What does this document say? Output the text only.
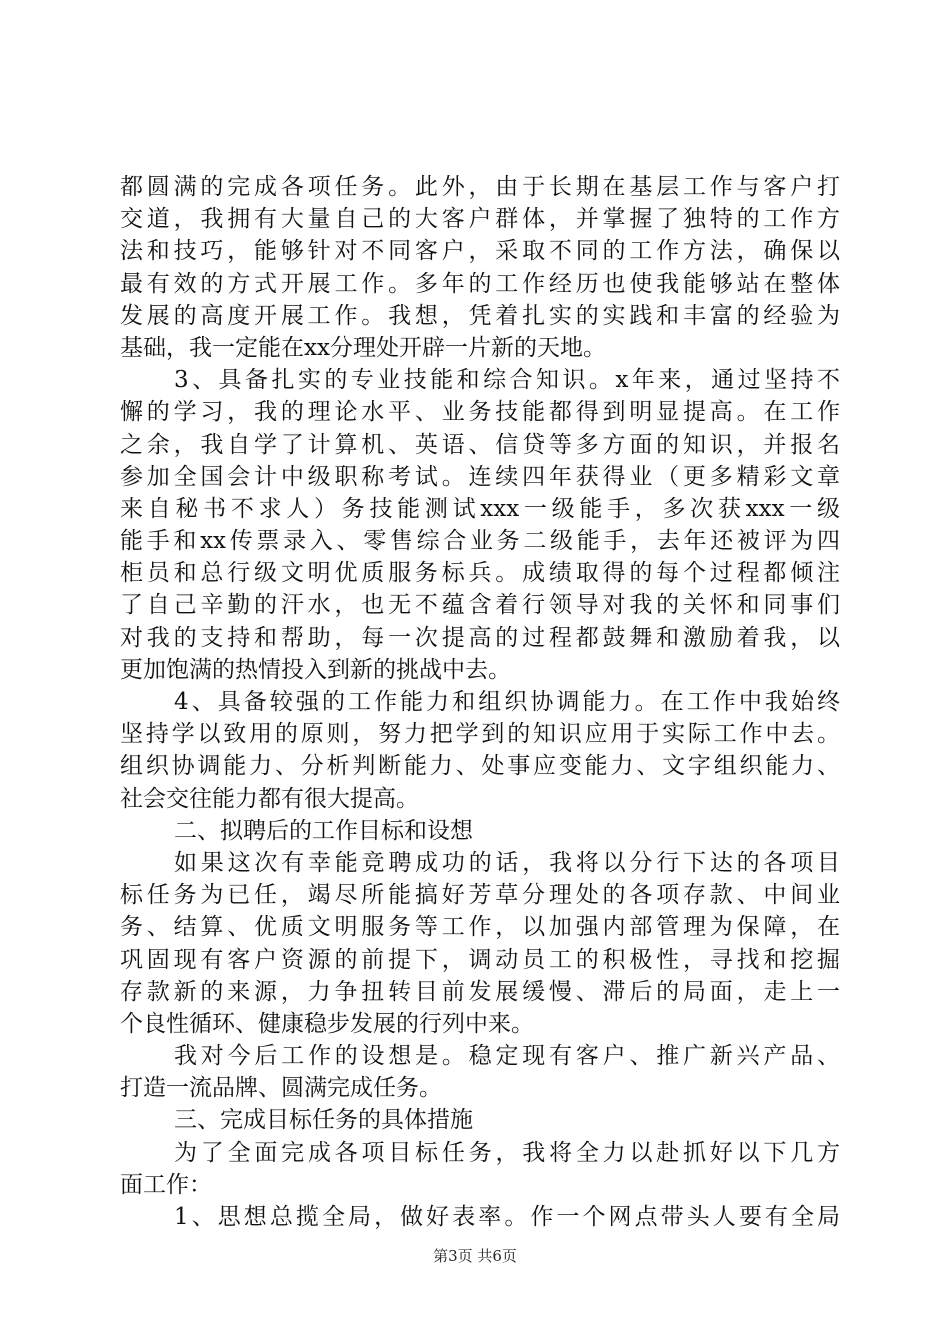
都圆满的完成各项任务。此外，由于长期在基层工作与客户打
交道，我拥有大量自己的大客户群体，并掌握了独特的工作方
法和技巧，能够针对不同客户，采取不同的工作方法，确保以
最有效的方式开展工作。多年的工作经历也使我能够站在整体
发展的高度开展工作。我想，凭着扎实的实践和丰富的经验为
基础，我一定能在xx分理处开辟一片新的天地。
3、具备扎实的专业技能和综合知识。x年来，通过坚持不
懈的学习，我的理论水平、业务技能都得到明显提高。在工作
之余，我自学了计算机、英语、信贷等多方面的知识，并报名
参加全国会计中级职称考试。连续四年获得业（更多精彩文章
来自秘书不求人）务技能测试xxx一级能手，多次获xxx一级
能手和xx传票录入、零售综合业务二级能手，去年还被评为四
柜员和总行级文明优质服务标兵。成绩取得的每个过程都倾注
了自己辛勤的汗水，也无不蕴含着行领导对我的关怀和同事们
对我的支持和帮助，每一次提高的过程都鼓舞和激励着我，以
更加饱满的热情投入到新的挑战中去。
4、具备较强的工作能力和组织协调能力。在工作中我始终
坚持学以致用的原则，努力把学到的知识应用于实际工作中去。
组织协调能力、分析判断能力、处事应变能力、文字组织能力、
社会交往能力都有很大提高。
二、拟聘后的工作目标和设想
如果这次有幸能竞聘成功的话，我将以分行下达的各项目
标任务为已任，竭尽所能搞好芳草分理处的各项存款、中间业
务、结算、优质文明服务等工作，以加强内部管理为保障，在
巩固现有客户资源的前提下，调动员工的积极性，寻找和挖掘
存款新的来源，力争扭转目前发展缓慢、滞后的局面，走上一
个良性循环、健康稳步发展的行列中来。
我对今后工作的设想是。稳定现有客户、推广新兴产品、
打造一流品牌、圆满完成任务。
三、完成目标任务的具体措施
为了全面完成各项目标任务，我将全力以赴抓好以下几方
面工作：
1、思想总揽全局，做好表率。作一个网点带头人要有全局
第3页 共6页
